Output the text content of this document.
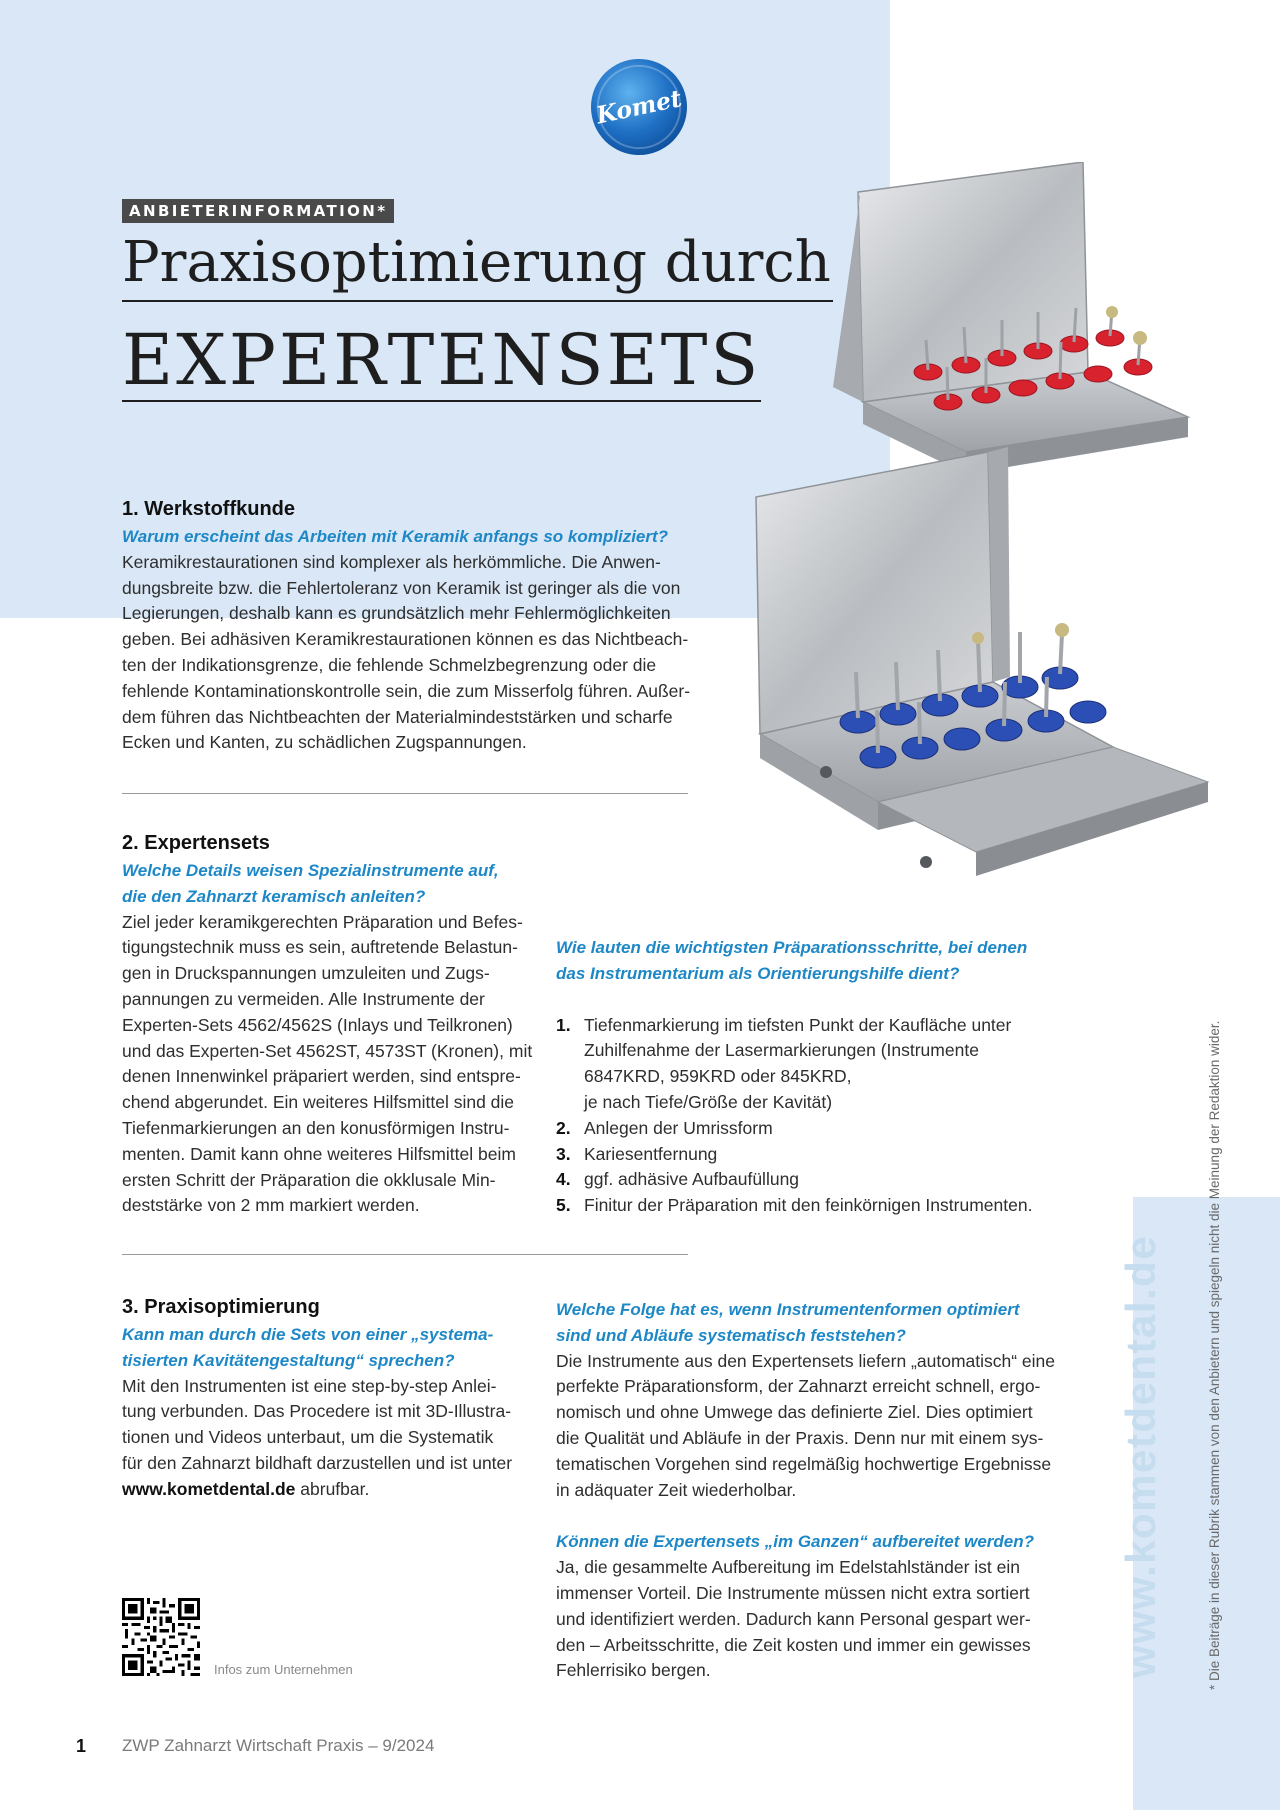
Komet
ANBIETERINFORMATION*
Praxisoptimierung durch
EXPERTENSETS
1. Werkstoffkunde
Warum erscheint das Arbeiten mit Keramik anfangs so kompliziert?

Keramikrestaurationen sind komplexer als herkömmliche. Die Anwen-

dungsbreite bzw. die Fehlertoleranz von Keramik ist geringer als die von

Legierungen, deshalb kann es grundsätzlich mehr Fehlermöglichkeiten

geben. Bei adhäsiven Keramikrestaurationen können es das Nichtbeach-

ten der Indikationsgrenze, die fehlende Schmelzbegrenzung oder die

fehlende Kontaminationskontrolle sein, die zum Misserfolg führen. Außer-

dem führen das Nichtbeachten der Materialmindeststärken und scharfe

Ecken und Kanten, zu schädlichen Zugspannungen.

2. Expertensets
Welche Details weisen Spezialinstrumente auf,
die den Zahnarzt keramisch anleiten?

Ziel jeder keramikgerechten Präparation und Befes-

tigungstechnik muss es sein, auftretende Belastun-

gen in Druckspannungen umzuleiten und Zugs-

pannungen zu vermeiden. Alle Instrumente der

Experten-Sets 4562/4562S (Inlays und Teilkronen)

und das Experten-Set 4562ST, 4573ST (Kronen), mit

denen Innenwinkel präpariert werden, sind entspre-

chend abgerundet. Ein weiteres Hilfsmittel sind die

Tiefenmarkierungen an den konusförmigen Instru-

menten. Damit kann ohne weiteres Hilfsmittel beim

ersten Schritt der Präparation die okklusale Min-

deststärke von 2 mm markiert werden.

Wie lauten die wichtigsten Präparationsschritte, bei denen
das Instrumentarium als Orientierungshilfe dient?
1. Tiefenmarkierung im tiefsten Punkt der Kaufläche unter
Zuhilfenahme der Lasermarkierungen (Instrumente
6847KRD, 959KRD oder 845KRD,
je nach Tiefe/Größe der Kavität)
2. Anlegen der Umrissform
3. Kariesentfernung
4. ggf. adhäsive Aufbaufüllung
5. Finitur der Präparation mit den feinkörnigen Instrumenten.
3. Praxisoptimierung
Kann man durch die Sets von einer „systema-
tisierten Kavitätengestaltung“ sprechen?

Mit den Instrumenten ist eine step-by-step Anlei-

tung verbunden. Das Procedere ist mit 3D-Illustra-

tionen und Videos unterbaut, um die Systematik

für den Zahnarzt bildhaft darzustellen und ist unter

www.kometdental.de abrufbar.

Welche Folge hat es, wenn Instrumentenformen optimiert
sind und Abläufe systematisch feststehen?

Die Instrumente aus den Expertensets liefern „automatisch“ eine

perfekte Präparationsform, der Zahnarzt erreicht schnell, ergo-

nomisch und ohne Umwege das definierte Ziel. Dies optimiert

die Qualität und Abläufe in der Praxis. Denn nur mit einem sys-

tematischen Vorgehen sind regelmäßig hochwertige Ergebnisse

in adäquater Zeit wiederholbar.

Können die Expertensets „im Ganzen“ aufbereitet werden?

Ja, die gesammelte Aufbereitung im Edelstahlständer ist ein

immenser Vorteil. Die Instrumente müssen nicht extra sortiert

und identifiziert werden. Dadurch kann Personal gespart wer-

den – Arbeitsschritte, die Zeit kosten und immer ein gewisses

Fehlerrisiko bergen.

Infos zum Unternehmen
1 ZWP Zahnarzt Wirtschaft Praxis – 9/2024
www.kometdental.de	* Die Beiträge in dieser Rubrik stammen von den Anbietern und spiegeln nicht die Meinung der Redaktion wider.
